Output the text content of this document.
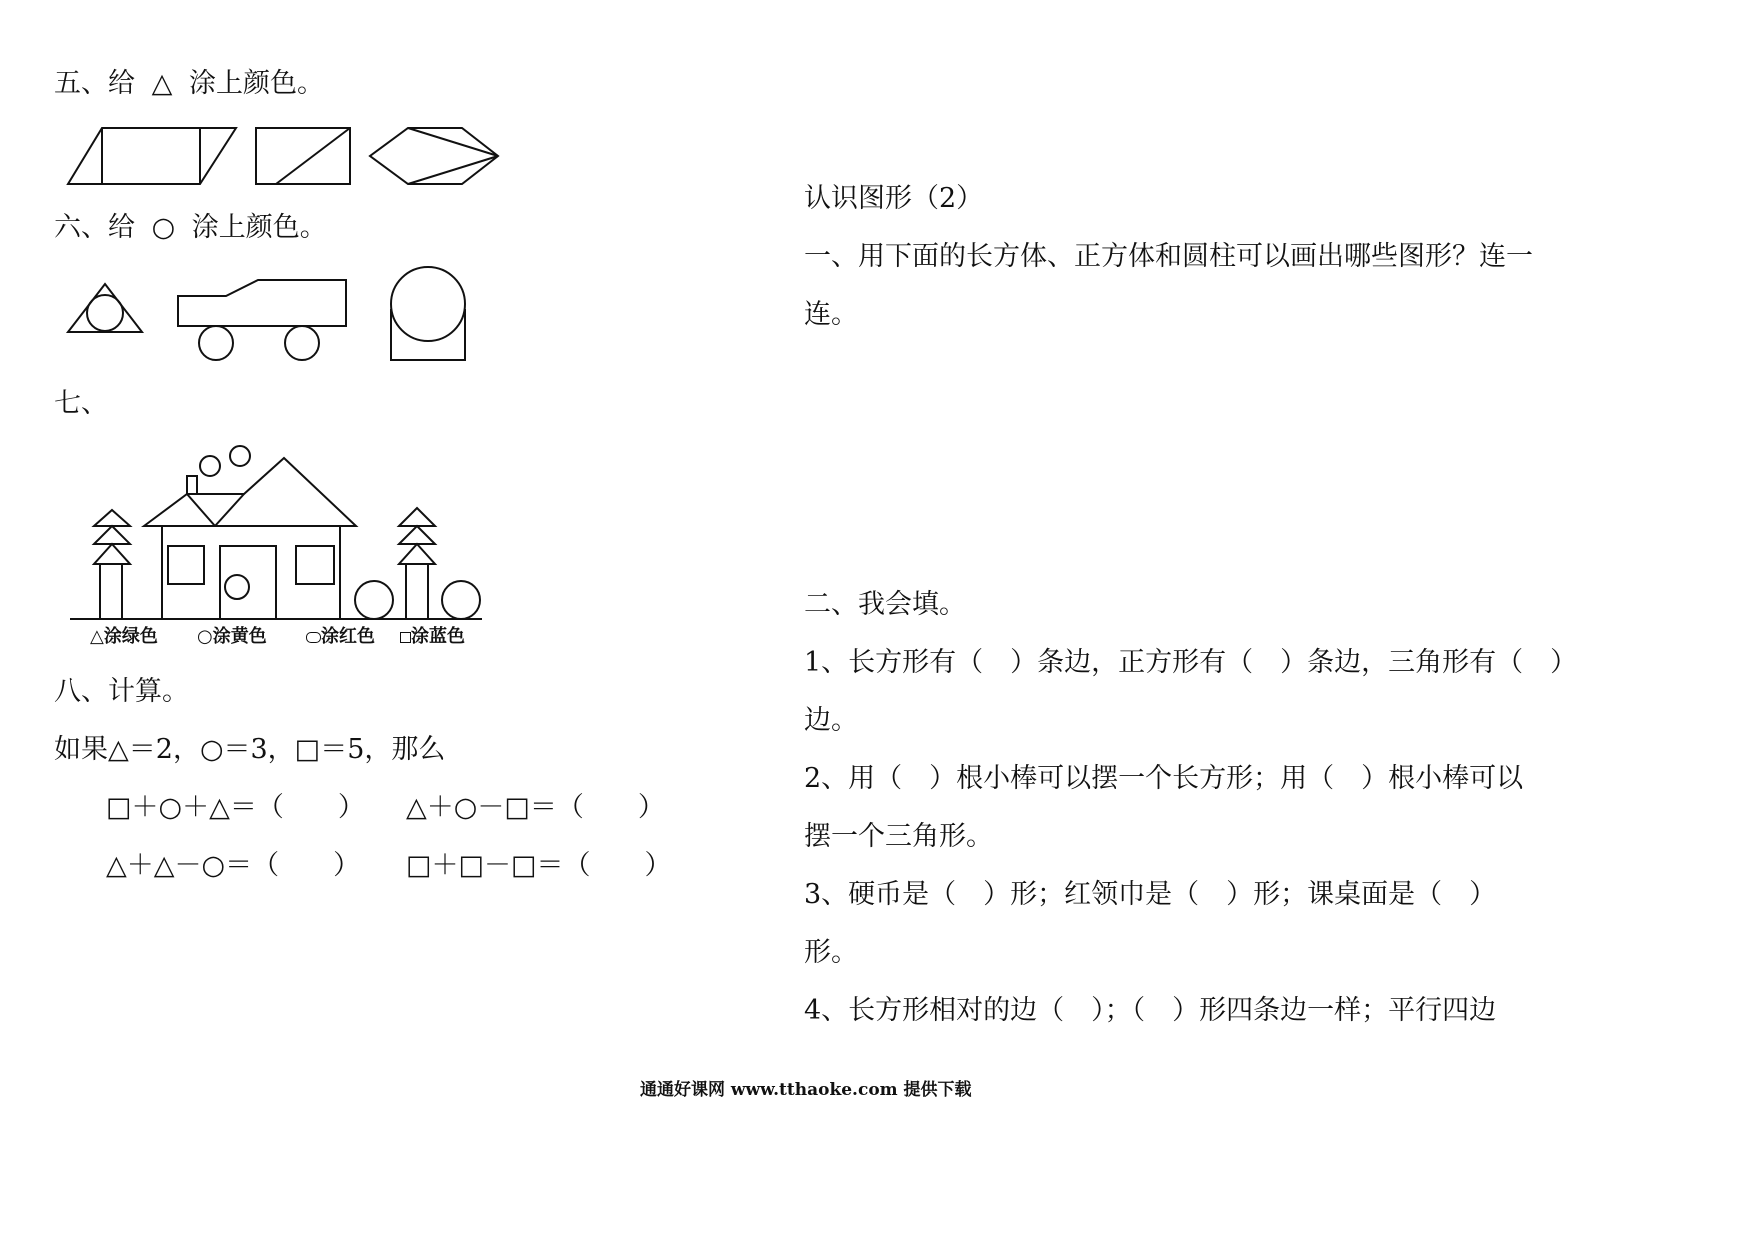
五、给 △ 涂上颜色。
六、给 ○ 涂上颜色。
七、
△涂绿色 ○涂黄色	涂红色	涂蓝色
八、计算。
如果△＝2，○＝3，□＝5，那么
□＋○＋△＝（　　） △＋○－□＝（　　）
△＋△－○＝（　　） □＋□－□＝（　　）
认识图形（2）
一、用下面的长方体、正方体和圆柱可以画出哪些图形？连一
连。
二、我会填。
1、长方形有（　）条边，正方形有（　）条边，三角形有（　）
边。
2、用（　）根小棒可以摆一个长方形；用（　）根小棒可以
摆一个三角形。
3、硬币是（　）形；红领巾是（　）形；课桌面是（　）
形。
4、长方形相对的边（　）；（　）形四条边一样；平行四边
通通好课网 www.tthaoke.com 提供下载
